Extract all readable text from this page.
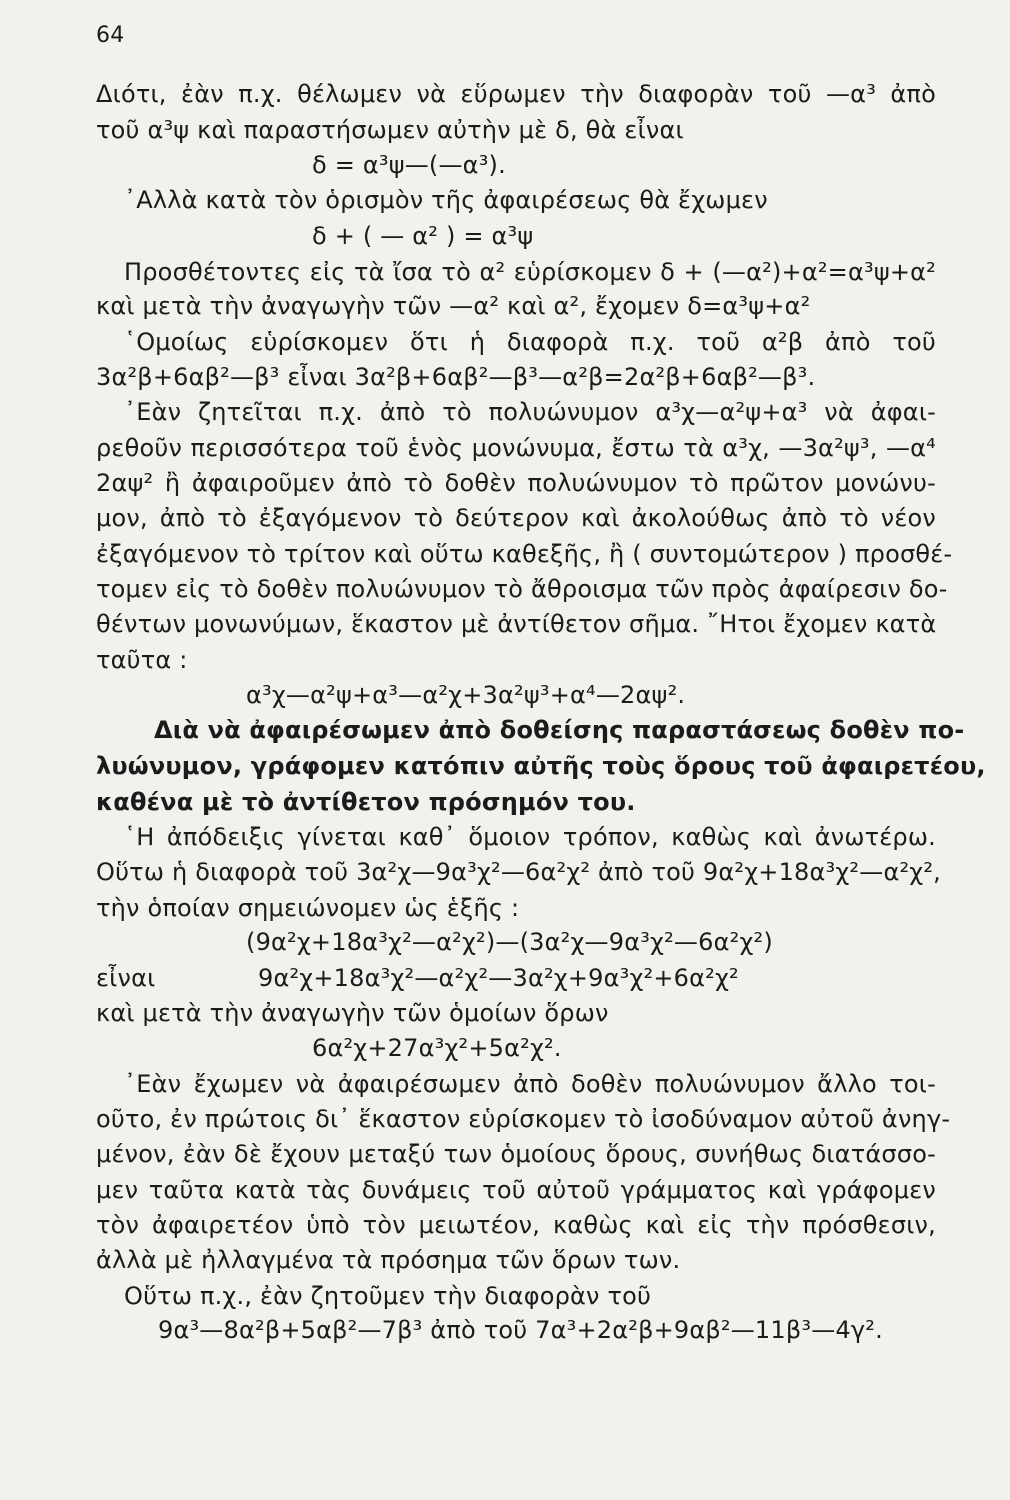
64
Διότι, ἐὰν π.χ. θέλωμεν νὰ εὕρωμεν τὴν διαφορὰν τοῦ —α³ ἀπὸ
τοῦ α³ψ καὶ παραστήσωμεν αὐτὴν μὲ δ, θὰ εἶναι
δ = α³ψ—(—α³).
᾿Αλλὰ κατὰ τὸν ὁρισμὸν τῆς ἀφαιρέσεως θὰ ἔχωμεν
δ + ( — α² ) = α³ψ
Προσθέτοντες εἰς τὰ ἴσα τὸ α² εὑρίσκομεν δ + (—α²)+α²=α³ψ+α²
καὶ μετὰ τὴν ἀναγωγὴν τῶν —α² καὶ α², ἔχομεν δ=α³ψ+α²
῾Ομοίως εὑρίσκομεν ὅτι ἡ διαφορὰ π.χ. τοῦ α²β ἀπὸ τοῦ
3α²β+6αβ²—β³ εἶναι 3α²β+6αβ²—β³—α²β=2α²β+6αβ²—β³.
᾿Εὰν ζητεῖται π.χ. ἀπὸ τὸ πολυώνυμον α³χ—α²ψ+α³ νὰ ἀφαι-
ρεθοῦν περισσότερα τοῦ ἑνὸς μονώνυμα, ἔστω τὰ α³χ, —3α²ψ³, —α⁴
2αψ² ἢ ἀφαιροῦμεν ἀπὸ τὸ δοθὲν πολυώνυμον τὸ πρῶτον μονώνυ-
μον, ἀπὸ τὸ ἐξαγόμενον τὸ δεύτερον καὶ ἀκολούθως ἀπὸ τὸ νέον
ἐξαγόμενον τὸ τρίτον καὶ οὕτω καθεξῆς, ἢ ( συντομώτερον ) προσθέ-
τομεν εἰς τὸ δοθὲν πολυώνυμον τὸ ἄθροισμα τῶν πρὸς ἀφαίρεσιν δο-
θέντων μονωνύμων, ἕκαστον μὲ ἀντίθετον σῆμα. ῎Ητοι ἔχομεν κατὰ
ταῦτα :
α³χ—α²ψ+α³—α²χ+3α²ψ³+α⁴—2αψ².
Διὰ νὰ ἀφαιρέσωμεν ἀπὸ δοθείσης παραστάσεως δοθὲν πο-
λυώνυμον, γράφομεν κατόπιν αὐτῆς τοὺς ὅρους τοῦ ἀφαιρετέου,
καθένα μὲ τὸ ἀντίθετον πρόσημόν του.
῾Η ἀπόδειξις γίνεται καθ᾿ ὅμοιον τρόπον, καθὼς καὶ ἀνωτέρω.
Οὕτω ἡ διαφορὰ τοῦ 3α²χ—9α³χ²—6α²χ² ἀπὸ τοῦ 9α²χ+18α³χ²—α²χ²,
τὴν ὁποίαν σημειώνομεν ὡς ἑξῆς :
(9α²χ+18α³χ²—α²χ²)—(3α²χ—9α³χ²—6α²χ²)
εἶναι	9α²χ+18α³χ²—α²χ²—3α²χ+9α³χ²+6α²χ²
καὶ μετὰ τὴν ἀναγωγὴν τῶν ὁμοίων ὅρων
6α²χ+27α³χ²+5α²χ².
᾿Εὰν ἔχωμεν νὰ ἀφαιρέσωμεν ἀπὸ δοθὲν πολυώνυμον ἄλλο τοι-
οῦτο, ἐν πρώτοις δι᾿ ἕκαστον εὑρίσκομεν τὸ ἰσοδύναμον αὐτοῦ ἀνηγ-
μένον, ἐὰν δὲ ἔχουν μεταξύ των ὁμοίους ὅρους, συνήθως διατάσσο-
μεν ταῦτα κατὰ τὰς δυνάμεις τοῦ αὐτοῦ γράμματος καὶ γράφομεν
τὸν ἀφαιρετέον ὑπὸ τὸν μειωτέον, καθὼς καὶ εἰς τὴν πρόσθεσιν,
ἀλλὰ μὲ ἠλλαγμένα τὰ πρόσημα τῶν ὅρων των.
Οὕτω π.χ., ἐὰν ζητοῦμεν τὴν διαφορὰν τοῦ
9α³—8α²β+5αβ²—7β³ ἀπὸ τοῦ 7α³+2α²β+9αβ²—11β³—4γ².
